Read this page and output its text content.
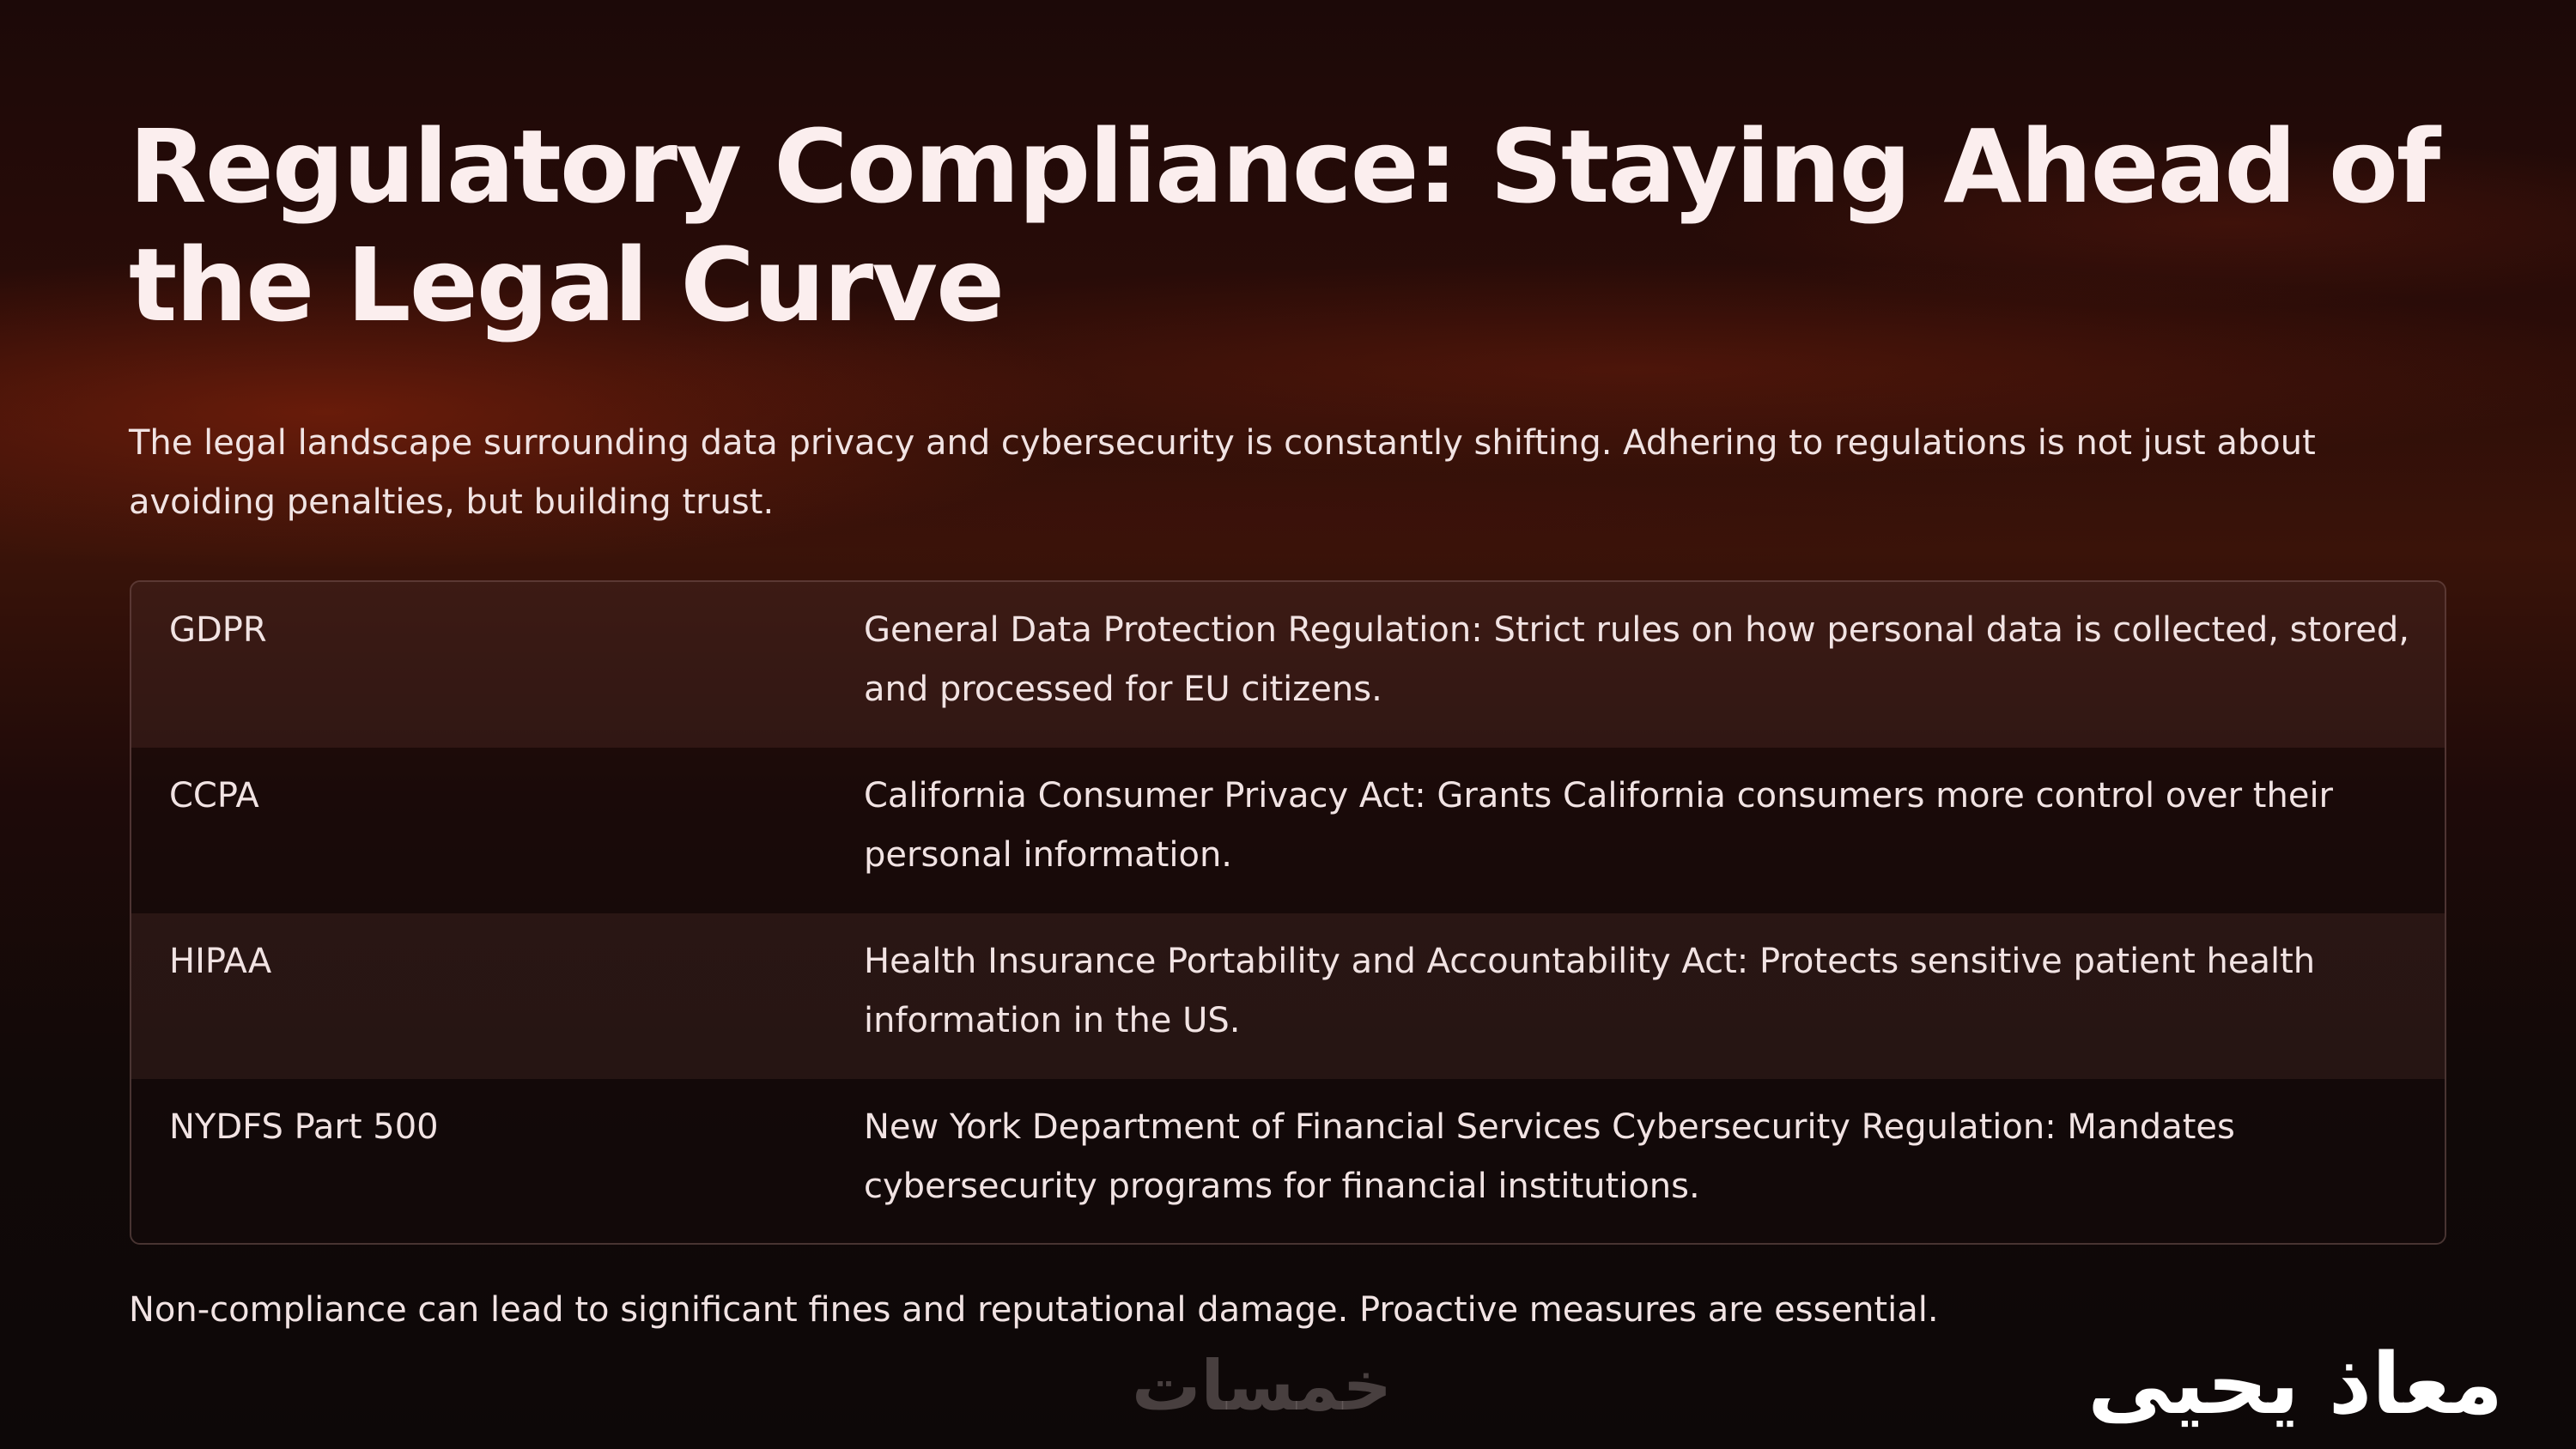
Regulatory Compliance: Staying Ahead of the Legal Curve

The legal landscape surrounding data privacy and cybersecurity is constantly shifting. Adhering to regulations is not just about avoiding penalties, but building trust.

GDPR	General Data Protection Regulation: Strict rules on how personal data is collected, stored, and processed for EU citizens.
CCPA	California Consumer Privacy Act: Grants California consumers more control over their personal information.
HIPAA	Health Insurance Portability and Accountability Act: Protects sensitive patient health information in the US.
NYDFS Part 500	New York Department of Financial Services Cybersecurity Regulation: Mandates cybersecurity programs for financial institutions.

Non-compliance can lead to significant fines and reputational damage. Proactive measures are essential.

خمسات	معاذ يحيى
